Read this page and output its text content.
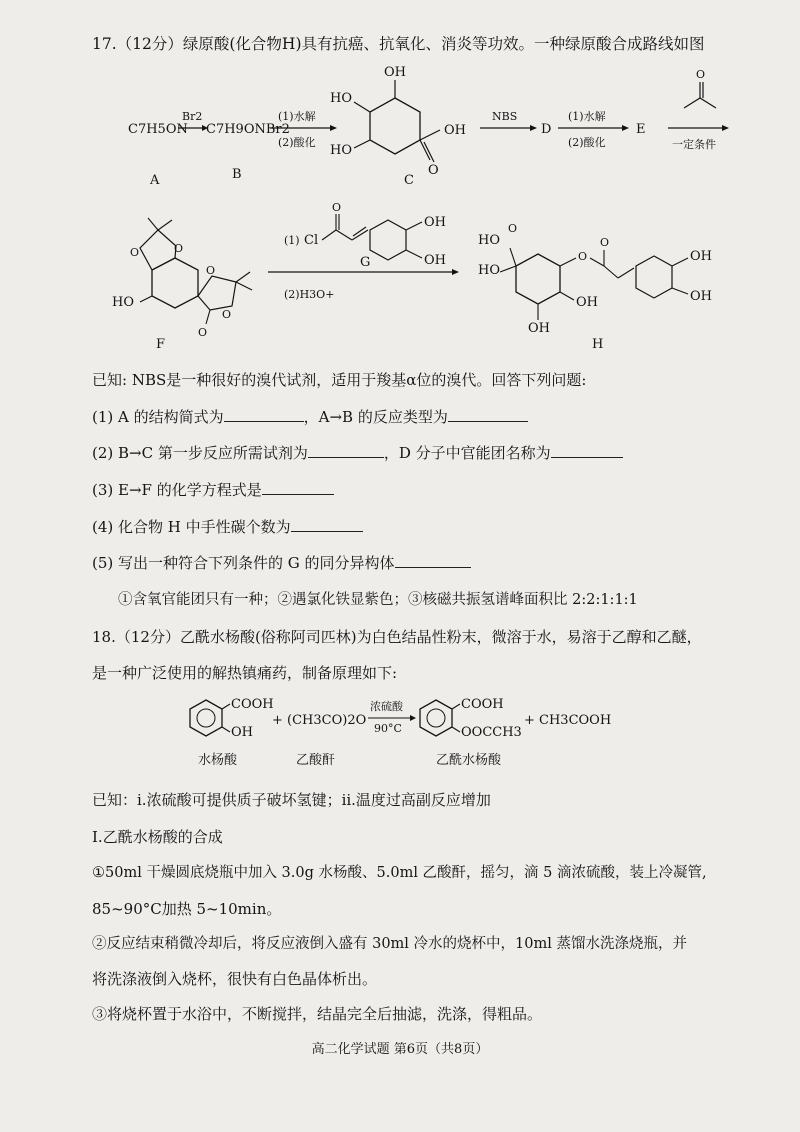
17.（12分）绿原酸(化合物H)具有抗癌、抗氧化、消炎等功效。一种绿原酸合成路线如图
C7H5ON
Br2
C7H9ONBr2
(1)水解
(2)酸化
OH
HO
HO
OH
O
NBS
D
(1)水解
(2)酸化
E
O
一定条件
A	B	C
O	O
O
O
O
HO
(1) Cl
O
OH
OH
G
(2)H3O+
HO
O
HO
OH
OH
O
O
OH
OH
F	H
已知: NBS是一种很好的溴代试剂，适用于羧基α位的溴代。回答下列问题:
(1) A 的结构简式为	，A→B 的反应类型为
(2) B→C 第一步反应所需试剂为	，D 分子中官能团名称为
(3) E→F 的化学方程式是
(4) 化合物 H 中手性碳个数为
(5) 写出一种符合下列条件的 G 的同分异构体
①含氧官能团只有一种；②遇氯化铁显紫色；③核磁共振氢谱峰面积比 2:2:1:1:1
18.（12分）乙酰水杨酸(俗称阿司匹林)为白色结晶性粉末，微溶于水，易溶于乙醇和乙醚，
是一种广泛使用的解热镇痛药，制备原理如下:
COOH
OH
+ (CH3CO)2O
浓硫酸
90°C
COOH
OOCCH3
+ CH3COOH
水杨酸	乙酸酐	乙酰水杨酸
已知：ⅰ.浓硫酸可提供质子破坏氢键；ⅱ.温度过高副反应增加
Ⅰ.乙酰水杨酸的合成
①50ml 干燥圆底烧瓶中加入 3.0g 水杨酸、5.0ml 乙酸酐，摇匀，滴 5 滴浓硫酸，装上冷凝管,
85~90°C加热 5~10min。
②反应结束稍微冷却后，将反应液倒入盛有 30ml 冷水的烧杯中，10ml 蒸馏水洗涤烧瓶，并
将洗涤液倒入烧杯，很快有白色晶体析出。
③将烧杯置于水浴中，不断搅拌，结晶完全后抽滤，洗涤，得粗品。
高二化学试题 第6页（共8页）
